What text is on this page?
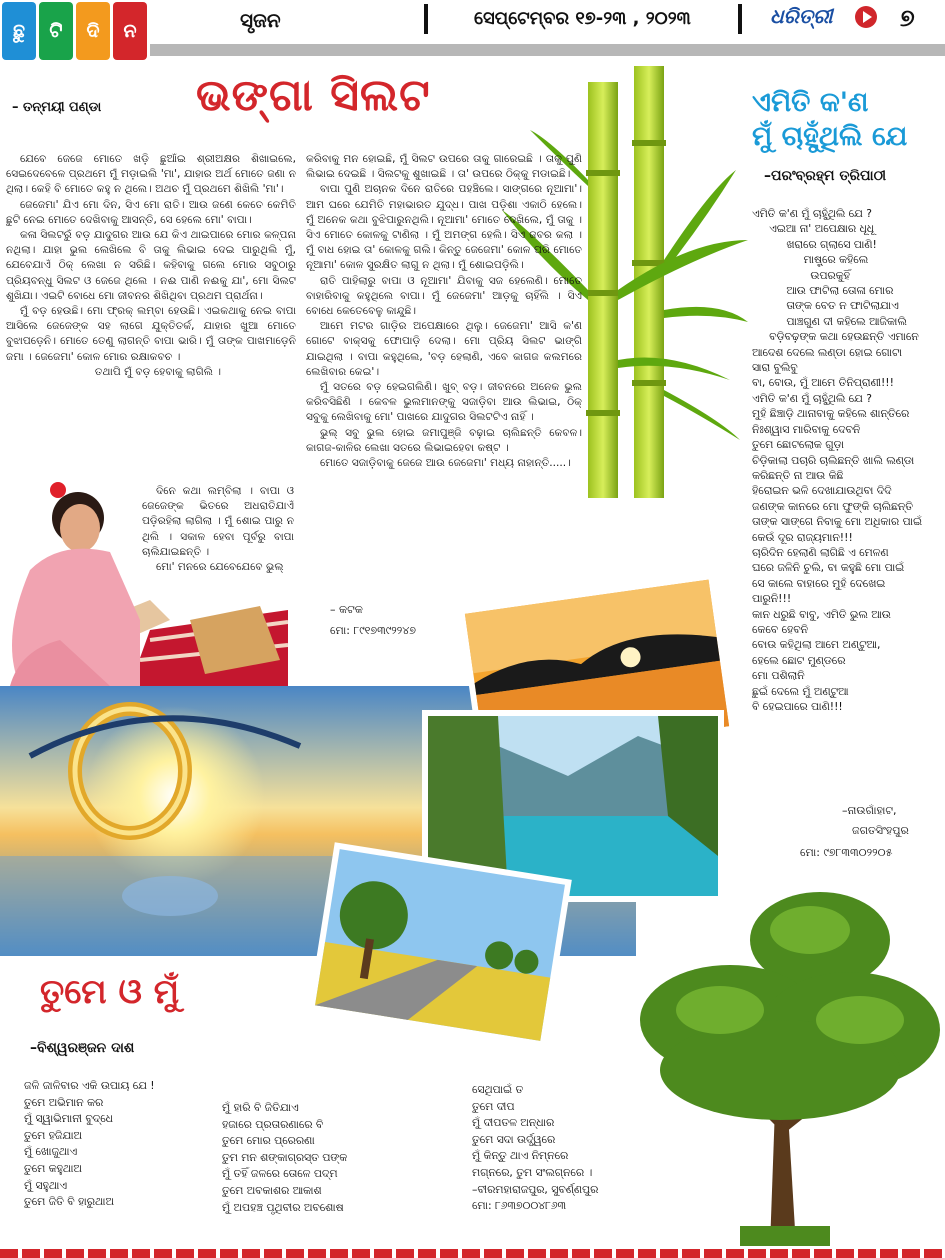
ଛୁ	ଟି	ଦି	ନ	ସୃଜନ	ସେପ୍ଟେମ୍ବର ୧୭-୨୩ , ୨୦୨୩	ଧରିତ୍ରୀ	୭
ଭଙ୍ଗା ସିଲଟ
– ତନ୍ମୟୀ ପଣ୍ଡା

ଯେବେ ଜେଜେ ମୋତେ ଖଡ଼ି ଛୁଆଁଇ ଶ୍ରୀଅକ୍ଷର ଶିଖାଇଲେ, ସେଇଦେବେଳେ ପ୍ରଥମେ ମୁଁ ମଡ଼ାଇଲି 'ମା', ଯାହାର ଅର୍ଥ ମୋତେ ଜଣା ନ ଥିଲା। କେହି ବି ମୋତେ କହୁ ନ ଥିଲେ। ଅଥଚ ମୁଁ ପ୍ରଥମେ ଶିଖିଲି 'ମା'।

ଜେଜେମା' ଯିଏ ମୋ ଦିନ, ସିଏ ମୋ ରାତି। ଆଉ ଜଣେ କେତେ କେମିତି ଛୁଟି ନେଇ ମୋତେ ଦେଖିବାକୁ ଆସନ୍ତି, ସେ ହେଲେ ମୋ' ବାପା।

କଳା ସିଲଟରୁଁ ବଡ଼ ଯାଦୁଗର ଆଉ ଯେ କିଏ ଥାଇପାରେ ମୋର କଳ୍ପନା ନଥିଲା। ଯାହା ଭୁଲ ଲେଖିଲେ ବି ତାକୁ ଲିଭାଇ ଦେଇ ପାରୁଥିଲି ମୁଁ, ଯେବେଯାଏଁ ଠିକ୍ ଲେଖା ନ ସରିଛି। କହିବାକୁ ଗଲେ ମୋର ସବୁଠାରୁ ପ୍ରିୟବନ୍ଧୁ ସିଲଟ ଓ ଜେଜେ ଥିଲେ । ନଈ ପାଣି ନଈକୁ ଯା', ମୋ ସିଲଟ ଶୁଖିଯା। ଏଇଟି ବୋଧେ ମୋ ଜୀବନର ଶିଖିଥିବା ପ୍ରଥମ ପ୍ରାର୍ଥନା।

ମୁଁ ବଡ଼ ହେଉଛି। ମୋ ଫ୍ରକ୍ ଲମ୍ବା ହେଉଛି। ଏଇକଥାକୁ ନେଇ ବାପା ଆସିଲେ ଜେଜେଙ୍କ ସହ ଲାଗେ ଯୁକ୍ତିତର୍କ, ଯାହାର ଖୁଆ ମୋତେ ବୁଝାପଡ଼େନି। ମୋତେ ତେଣୁ ଲାଗନ୍ତି ବାପା ଭାରି। ମୁଁ ତାଙ୍କ ପାଖମାଡ଼େନି ଜମା । ଜେଜେମା' କୋଳ ମୋର ରକ୍ଷାକବଚ ।

ତଥାପି ମୁଁ ବଡ଼ ହେବାକୁ ଲାଗିଲି ।

ଦିନେ କଥା ଲମ୍ବିଲା । ବାପା ଓ ଜେଜେଙ୍କ ଭିତରେ ଅଧରାତିଯାଏଁ ପଡ଼ିରହିଲା ଲାଗିଲା । ମୁଁ ଶୋଇ ପାରୁ ନ ଥିଲି । ସକାଳ ହେବା ପୂର୍ବରୁ ବାପା ଚାଲିଯାଇଛନ୍ତି ।

ମୋ' ମନରେ ଯେବେଯେବେ ଭୁଲ୍

କରିବାକୁ ମନ ହୋଇଛି, ମୁଁ ସିଲଟ ଉପରେ ତାକୁ ଗାରେଇଛି । ତାକୁ ପୁଣି ଲିଭାଇ ଦେଇଛି । ସିଲଟକୁ ଶୁଖାଇଛି । ତା' ଉପରେ ଠିକ୍‌କୁ ମଡାଇଛି।

ବାପା ପୁଣି ଅଚାନକ ଦିନେ ରାତିରେ ପହଞ୍ଚିଲେ। ସାଙ୍ଗରେ ନୂଆମା'। ଆମ ଘରେ ଯେମିତି ମହାଭାରତ ଯୁଦ୍ଧ। ପାଖ ପଡ଼ିଶା ଏକାଠି ହେଲେ। ମୁଁ ଅନେକ କଥା ବୁଝିପାରୁନଥିଲି। ନୂଆମା' ମୋତେ ଦେଖିଲେ, ମୁଁ ତାକୁ । ସିଏ ମୋତେ କୋଳକୁ ଟାଣିଲା । ମୁଁ ଅମଙ୍ଗ ହେଲି। ସିଏ ଜବର କଲା । ମୁଁ ବାଧ ହୋଇ ତା' କୋଳକୁ ଗଲି। କିନ୍ତୁ ଜେଜେମା' କୋଳ ପରି ମୋତେ ନୂଆମା' କୋଳ ସୁରକ୍ଷିତ ଲାଗୁ ନ ଥିଲା। ମୁଁ ଶୋଇପଡ଼ିଲି।

ରାତି ପାହିଲାରୁ ବାପା ଓ ନୂଆମା' ଯିବାକୁ ସଜ ହେଲେଣି। ମୋତେ ବାହାରିବାକୁ କହୁଥିଲେ ବାପା। ମୁଁ ଜେଜେମା' ଆଡ଼କୁ ଚାହିଁଲି । ସିଏ ବୋଧେ କେତେବେଳୁ କାନ୍ଦୁଛି।

ଆମେ ମଟର ଗାଡ଼ିର ଅପେକ୍ଷାରେ ଥିଲୁ। ଜେଜେମା' ଆସି କ'ଣ ଗୋଟେ ବାକ୍ସକୁ ଫୋପାଡ଼ି ଦେଲା। ମୋ ପ୍ରିୟ ସିଲଟ ଭାଙ୍ଗି ଯାଇଥିଲା । ବାପା କହୁଥିଲେ, 'ବଡ଼ ହେଲାଣି, ଏବେ କାଗଜ କଲମରେ ଲେଖିବାର କେଇ'।

ମୁଁ ସତରେ ବଡ଼ ହେଇଗଲିଣି। ଖୁବ୍ ବଡ଼। ଜୀବନରେ ଅନେକ ଭୁଲ କରିବସିଛିଣି । କେବଳ ଭୁଲମାନଙ୍କୁ ସଜାଡ଼ିବା ଆଉ ଲିଭାଇ, ଠିକ୍ ସବୁକୁ ଲେଖିବାକୁ ମୋ' ପାଖରେ ଯାଦୁଗର ସିଲଟଟିଏ ନାହିଁ ।

ଭୁଲ୍ ସବୁ ଭୁଲ ହୋଇ ଜମାପୁଞ୍ଜି ବଢ଼ାଇ ଚାଲିଛନ୍ତି କେବଳ। କାଗଜ-କାଳିର ଲେଖା ସତରେ ଲିଭାଇହେବା କଷ୍ଟ ।

ମୋତେ ସଜାଡ଼ିବାକୁ ଜେଜେ ଆଉ ଜେଜେମା' ମଧ୍ୟ ନାହାନ୍ତି.....।

– କଟକ
ମୋ: ୮୯୧୭୩୯୨୨୪୭
ଏମିତି କ'ଣ
ମୁଁ ଚାହୁଁଥିଲି ଯେ
–ପରଂବ୍ରହ୍ମ ତ୍ରିପାଠୀ
ଏମିତି କ'ଣ ମୁଁ ଚାହୁଁଥିଲି ଯେ ?
ଏଇଆ ନା' ଅପେକ୍ଷାର ଧୂଧୂ
ଖରାରେ ଗ୍ଲାସେ ପାଣି!
ମାଷ୍ଟ୍ରେ କହିଲେ
ଉପରକୁହିଁ
ଆଉ ଫାଟିଲା ତୋଳା ମୋର
ତାଙ୍କ ବେତ ନ ଫାଟିଲାଯାଏ
ପାଞ୍ଚଗୁଣ ଦୀ କହିଲେ ଆଜିକାଲି
ବଡ଼ିବଢ଼ଙ୍କ କଥା ହେଉଛନ୍ତି ଏମାନେ
ଆଦେଶ ଦେଲେ ଲଣ୍ଡା ହୋଇ ଗୋଟା
ସାରା ବୁଲିବୁ
ବା, ବୋଉ, ମୁଁ ଆମେ ତିନିପ୍ରାଣୀ!!!
ଏମିତି କ'ଣ ମୁଁ ଚାହୁଁଥିଲି ଯେ ?
ମୁହଁ ଛିଞ୍ଚାଡ଼ି ଥାନାବାକୁ କହିଲେ ଶାନ୍ତିରେ
ନିଃଶ୍ୱାସ ମାରିବାକୁ ଦେବନି
ତୁମେ ଛୋଟଲୋକ ଗୁଡ଼ା
ଚିଡ଼ିକାଲା ପଚାରି ଚାଲିଛନ୍ତି ଖାଲି ଲଣ୍ଡା
କରିଛନ୍ତି ନା ଆଉ କିଛି
ହିରୋଇନ ଭଳି ଦେଖାଯାଉଥିବା ଦିଦି
ଜଣଙ୍କ କାନରେ ମୋ ଫୁଙ୍କି ଚାଲିଛନ୍ତି
ତାଙ୍କ ସାଙ୍ଗେ ନିବାକୁ ମୋ ଅଧିକାର ପାଇଁ
କେଉଁ ଦୂର ରାଜ୍ୟମାନ!!!
ଚାରିଦିନ ହେଲାଣି ଲାଗିଛି ଏ ମେଳଣ
ଘରେ ଜଳିନି ଚୁଲି, ବା କହୁଛି ମୋ ପାଇଁ
ସେ କାଲେ ବାହାରେ ମୁହଁ ଦେଖେଇ
ପାରୁନି!!!
କାନ ଧରୁଛି ବାବୁ, ଏମିତି ଭୁଲ ଆଉ
କେବେ ହେବନି
ବୋଉ କହିଥିଲା ଆମେ ଅଣ୍ଟୁଆ,
ହେଲେ ଛୋଟ ମୁଣ୍ଡରେ
ମୋ ପଶିଲାନି
ଛୁଇଁ ଦେଲେ ମୁଁ ଅଣ୍ଟୁଆ
ବି ହେଇପାରେ ପାଣି!!!
–ନାଉଗାଁହାଟ,
ଜଗତସିଂହପୁର
ମୋ: ୯୭୮୩୩୦୨୨୦୫
ତୁମେ ଓ ମୁଁ
–ବିଶ୍ୱରଞ୍ଜନ ଦାଶ
ଜଳି ଜାଳିବାର ଏକି ଉପାୟ ଯେ !
ତୁମେ ଅଭିମାନ କର
ମୁଁ ସ୍ୱାଭିମାନୀ ବୁଦ୍ଧେ
ତୁମେ ହଜିଯାଅ
ମୁଁ ଖୋଜୁଥାଏ
ତୁମେ କହୁଥାଅ
ମୁଁ ସହୁଥାଏ
ତୁମେ ଜିତି ବି ହାରୁଥାଅ
ମୁଁ ହାରି ବି ଜିତିଯାଏ
ହଜାରେ ପ୍ରତାରଣାରେ ବି
ତୁମେ ମୋର ପ୍ରେରଣା
ତୁମ ମନ ଶଙ୍କାଗ୍ରସ୍ତ ପଙ୍କ
ମୁଁ ତହିଁ ଜଳରେ ତୋଳେ ପଦ୍ମ
ତୁମେ ଅବକାଶର ଆକାଶ
ମୁଁ ଅପହଞ୍ଚ ପୃଥିବୀର ଅବଶୋଷ
ସେଥିପାଇଁ ତ
ତୁମେ ଦୀପ
ମୁଁ ଦୀପତଳ ଅନ୍ଧାର
ତୁମେ ସଦା ଉର୍ଦ୍ଧ୍ୱରେ
ମୁଁ କିନ୍ତୁ ଥାଏ ନିମ୍ନରେ
ମଗ୍ନରେ, ତୁମ ସଂଲଗ୍ନରେ ।
–ବୀରମହାରାଜପୁର, ସୁବର୍ଣ୍ଣପୁର
ମୋ: ୮୬୩୭୦୦୪୮୬୩
